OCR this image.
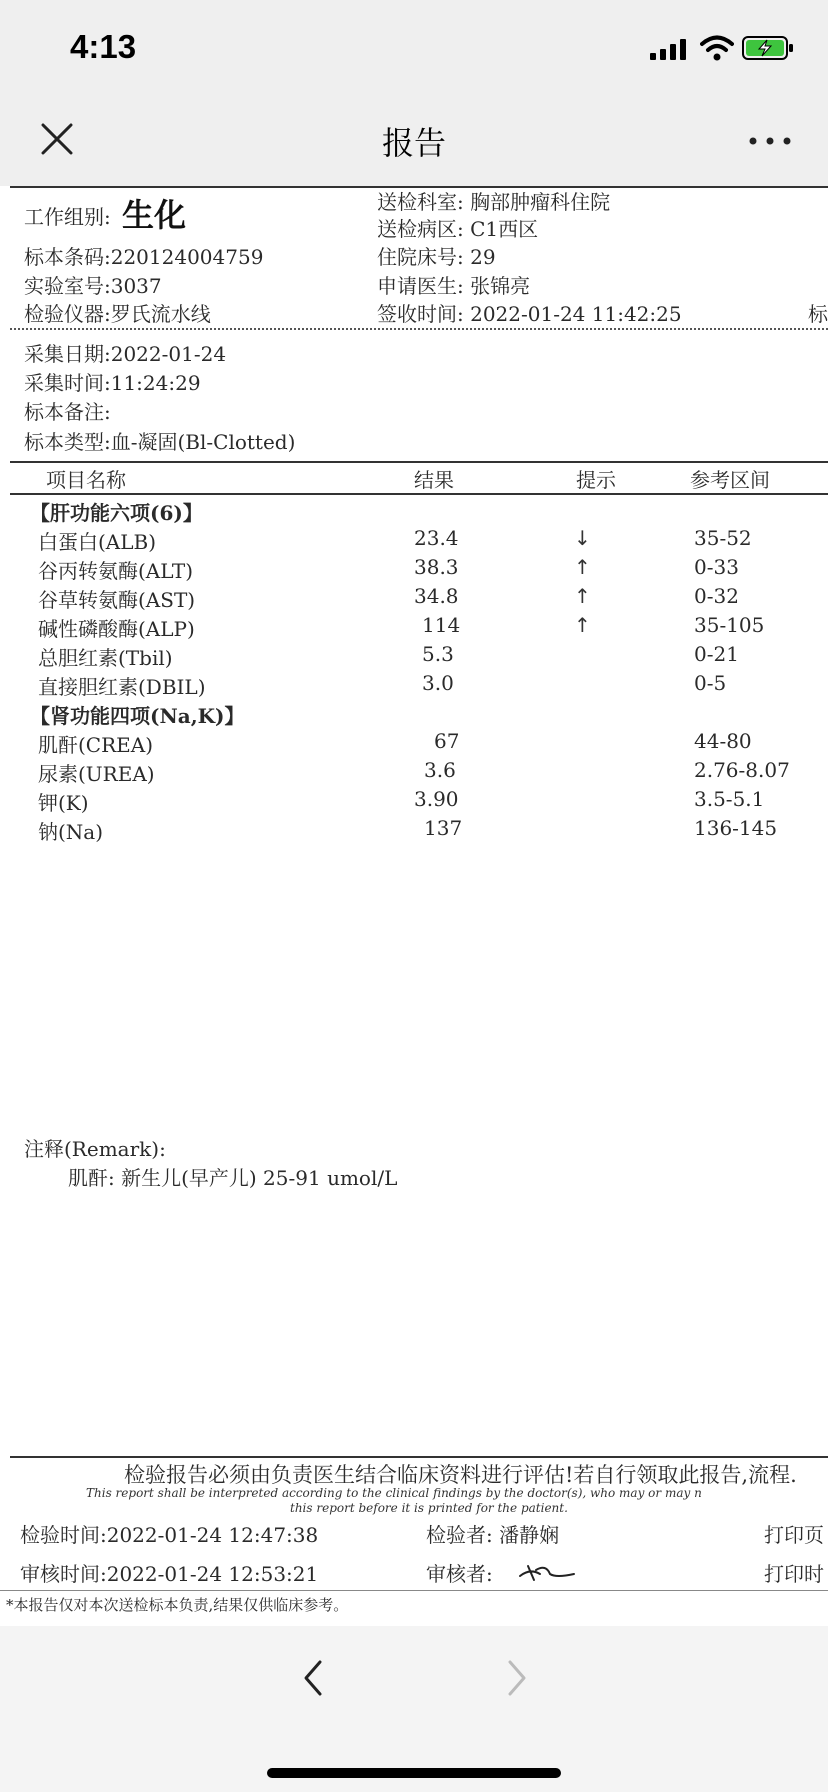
4:13
报告
工作组别: 生化
标本条码:220124004759
实验室号:3037
检验仪器:罗氏流水线
送检科室: 胸部肿瘤科住院
送检病区: C1西区
住院床号: 29
申请医生: 张锦亮
签收时间: 2022-01-24 11:42:25	标
采集日期:2022-01-24
采集时间:11:24:29
标本备注:
标本类型:血-凝固(Bl-Clotted)
项目名称	结果	提示	参考区间
【肝功能六项(6)】
白蛋白(ALB)	23.4	↓	35-52
谷丙转氨酶(ALT)	38.3	↑	0-33
谷草转氨酶(AST)	34.8	↑	0-32
碱性磷酸酶(ALP)	114	↑	35-105
总胆红素(Tbil)	5.3	0-21
直接胆红素(DBIL)	3.0	0-5
【肾功能四项(Na,K)】
肌酐(CREA)	67	44-80
尿素(UREA)	3.6	2.76-8.07
钾(K)	3.90	3.5-5.1
钠(Na)	137	136-145
注释(Remark):
肌酐: 新生儿(早产儿) 25-91 umol/L
检验报告必须由负责医生结合临床资料进行评估!若自行领取此报告,流程.
This report shall be interpreted according to the clinical findings by the doctor(s), who may or may n
this report before it is printed for the patient.
检验时间:2022-01-24 12:47:38	检验者: 潘静娴	打印页
审核时间:2022-01-24 12:53:21	审核者:	打印时
*本报告仅对本次送检标本负责,结果仅供临床参考。
